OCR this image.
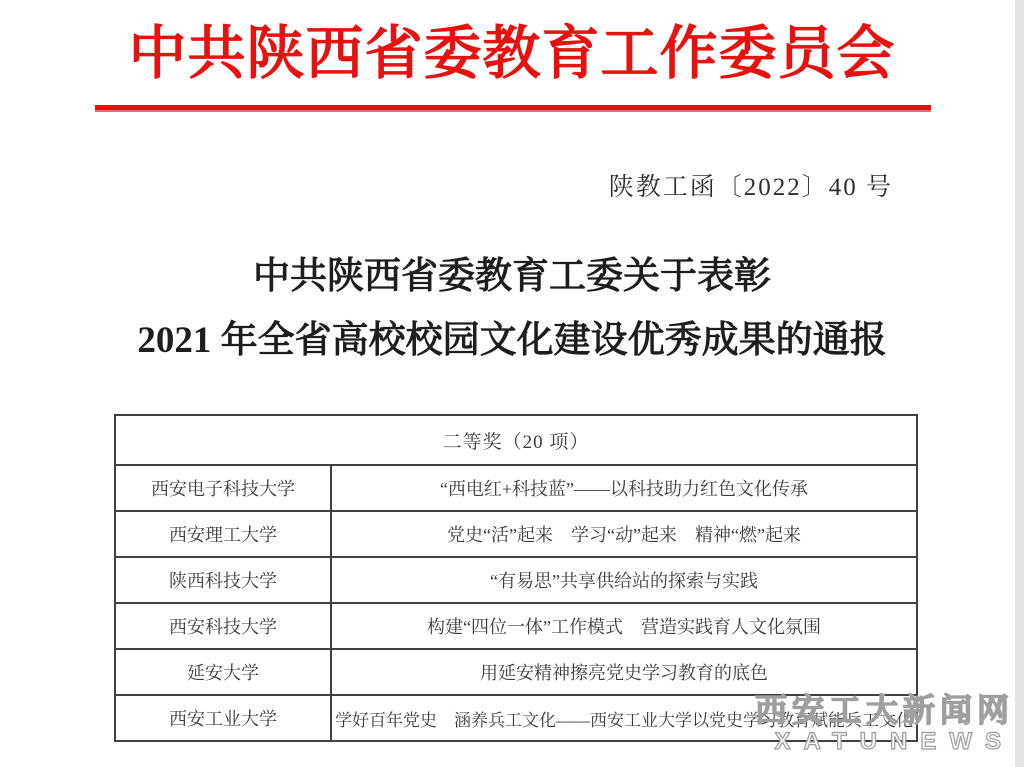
中共陕西省委教育工作委员会
陕教工函〔2022〕40 号
中共陕西省委教育工委关于表彰
2021 年全省高校校园文化建设优秀成果的通报
二等奖（20 项）	
西安电子科技大学	“西电红+科技蓝”——以科技助力红色文化传承
西安理工大学	党史“活”起来　学习“动”起来　精神“燃”起来
陕西科技大学	“有易思”共享供给站的探索与实践
西安科技大学	构建“四位一体”工作模式　营造实践育人文化氛围
延安大学	用延安精神擦亮党史学习教育的底色
西安工业大学	学好百年党史　涵养兵工文化——西安工业大学以党史学习教育赋能兵工文化
西安工大新闻网
XATUNEWS
